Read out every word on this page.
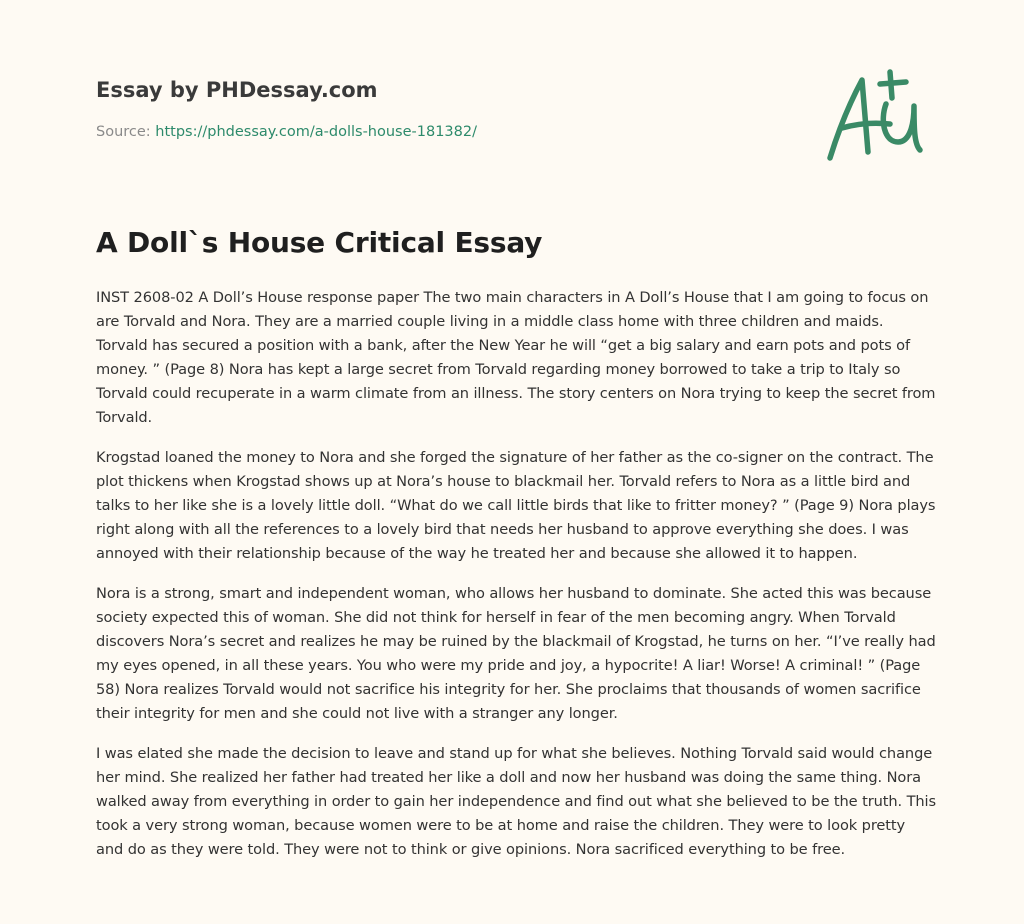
Essay by PHDessay.com

Source: https://phdessay.com/a-dolls-house-181382/

A Doll`s House Critical Essay

INST 2608-02 A Doll’s House response paper The two main characters in A Doll’s House that I am going to focus on are Torvald and Nora. They are a married couple living in a middle class home with three children and maids. Torvald has secured a position with a bank, after the New Year he will “get a big salary and earn pots and pots of money. ” (Page 8) Nora has kept a large secret from Torvald regarding money borrowed to take a trip to Italy so Torvald could recuperate in a warm climate from an illness. The story centers on Nora trying to keep the secret from Torvald.

Krogstad loaned the money to Nora and she forged the signature of her father as the co-signer on the contract. The plot thickens when Krogstad shows up at Nora’s house to blackmail her. Torvald refers to Nora as a little bird and talks to her like she is a lovely little doll. “What do we call little birds that like to fritter money? ” (Page 9) Nora plays right along with all the references to a lovely bird that needs her husband to approve everything she does. I was annoyed with their relationship because of the way he treated her and because she allowed it to happen.

Nora is a strong, smart and independent woman, who allows her husband to dominate. She acted this was because society expected this of woman. She did not think for herself in fear of the men becoming angry. When Torvald discovers Nora’s secret and realizes he may be ruined by the blackmail of Krogstad, he turns on her. “I’ve really had my eyes opened, in all these years. You who were my pride and joy, a hypocrite! A liar! Worse! A criminal! ” (Page 58) Nora realizes Torvald would not sacrifice his integrity for her. She proclaims that thousands of women sacrifice their integrity for men and she could not live with a stranger any longer.

I was elated she made the decision to leave and stand up for what she believes. Nothing Torvald said would change her mind. She realized her father had treated her like a doll and now her husband was doing the same thing. Nora walked away from everything in order to gain her independence and find out what she believed to be the truth. This took a very strong woman, because women were to be at home and raise the children. They were to look pretty and do as they were told. They were not to think or give opinions. Nora sacrificed everything to be free.
